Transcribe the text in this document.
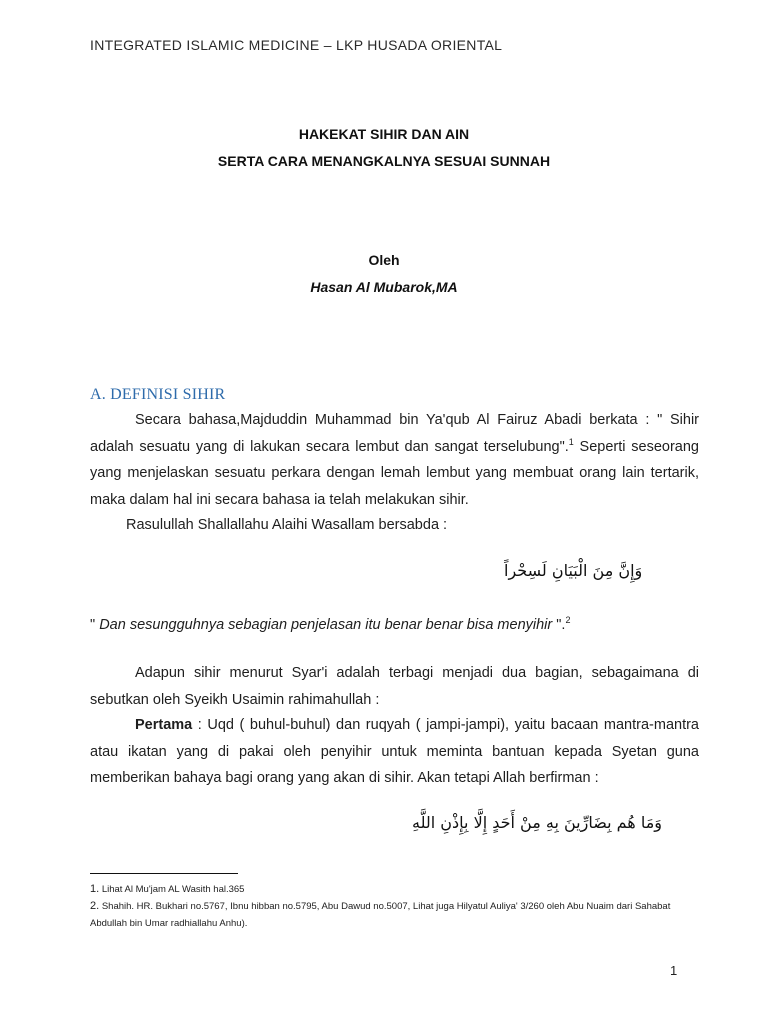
INTEGRATED ISLAMIC MEDICINE – LKP HUSADA ORIENTAL
HAKEKAT SIHIR DAN AIN
SERTA CARA MENANGKALNYA SESUAI SUNNAH
Oleh
Hasan Al Mubarok,MA
A. DEFINISI SIHIR
Secara bahasa,Majduddin Muhammad bin Ya'qub Al Fairuz Abadi berkata : " Sihir adalah sesuatu yang di lakukan secara lembut dan sangat terselubung".$^1$ Seperti seseorang yang menjelaskan sesuatu perkara dengan lemah lembut yang membuat orang lain tertarik, maka dalam hal ini secara bahasa ia telah melakukan sihir.
Rasulullah Shallallahu Alaihi Wasallam bersabda :
وَإِنَّ مِنَ الْبَيَانِ لَسِحْراً
" Dan sesungguhnya sebagian penjelasan itu benar benar bisa menyihir ".$^2$
Adapun sihir menurut Syar'i adalah terbagi menjadi dua bagian, sebagaimana di sebutkan oleh Syeikh Usaimin rahimahullah :
Pertama : Uqd ( buhul-buhul) dan ruqyah ( jampi-jampi), yaitu bacaan mantra-mantra atau ikatan yang di pakai oleh penyihir untuk meminta bantuan kepada Syetan guna memberikan bahaya bagi orang yang akan di sihir. Akan tetapi Allah berfirman :
وَمَا هُم بِضَارِّينَ بِهِ مِنْ أَحَدٍ إِلَّا بِإِذْنِ اللَّهِ
1. Lihat Al Mu'jam AL Wasith hal.365
2. Shahih. HR. Bukhari no.5767, Ibnu hibban no.5795, Abu Dawud no.5007, Lihat juga Hilyatul Auliya' 3/260 oleh Abu Nuaim dari Sahabat Abdullah bin Umar radhiallahu Anhu).
1
